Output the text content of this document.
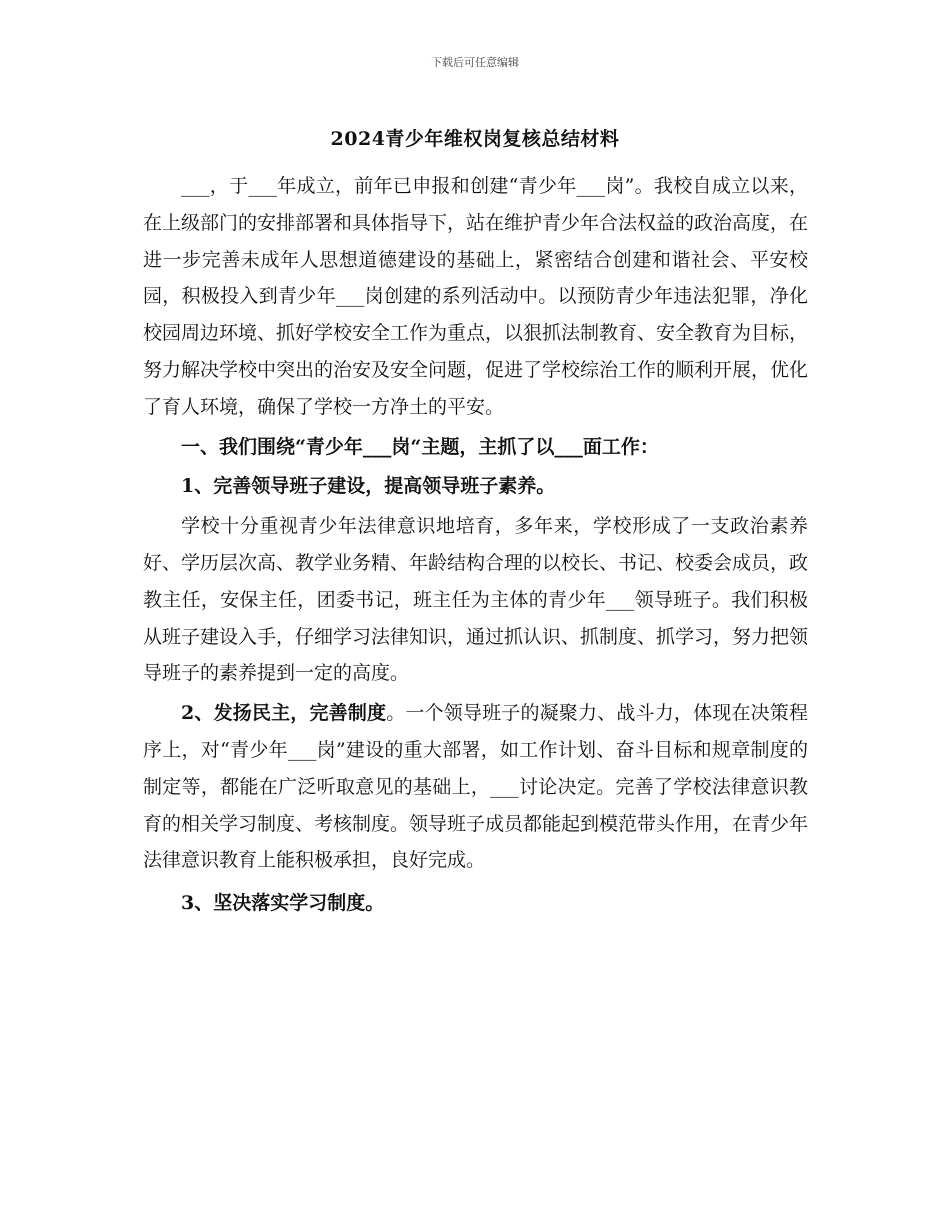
下载后可任意编辑
2024青少年维权岗复核总结材料

___，于___年成立，前年已申报和创建“青少年___岗”。我校自成立以来，在上级部门的安排部署和具体指导下，站在维护青少年合法权益的政治高度，在进一步完善未成年人思想道德建设的基础上，紧密结合创建和谐社会、平安校园，积极投入到青少年___岗创建的系列活动中。以预防青少年违法犯罪，净化校园周边环境、抓好学校安全工作为重点，以狠抓法制教育、安全教育为目标，努力解决学校中突出的治安及安全问题，促进了学校综治工作的顺利开展，优化了育人环境，确保了学校一方净土的平安。

一、我们围绕“青少年___岗“主题，主抓了以___面工作：

1、完善领导班子建设，提高领导班子素养。

学校十分重视青少年法律意识地培育，多年来，学校形成了一支政治素养好、学历层次高、教学业务精、年龄结构合理的以校长、书记、校委会成员，政教主任，安保主任，团委书记，班主任为主体的青少年___领导班子。我们积极从班子建设入手，仔细学习法律知识，通过抓认识、抓制度、抓学习，努力把领导班子的素养提到一定的高度。

2、发扬民主，完善制度。一个领导班子的凝聚力、战斗力，体现在决策程序上，对“青少年___岗”建设的重大部署，如工作计划、奋斗目标和规章制度的制定等，都能在广泛听取意见的基础上，___讨论决定。完善了学校法律意识教育的相关学习制度、考核制度。领导班子成员都能起到模范带头作用，在青少年法律意识教育上能积极承担，良好完成。

3、坚决落实学习制度。
